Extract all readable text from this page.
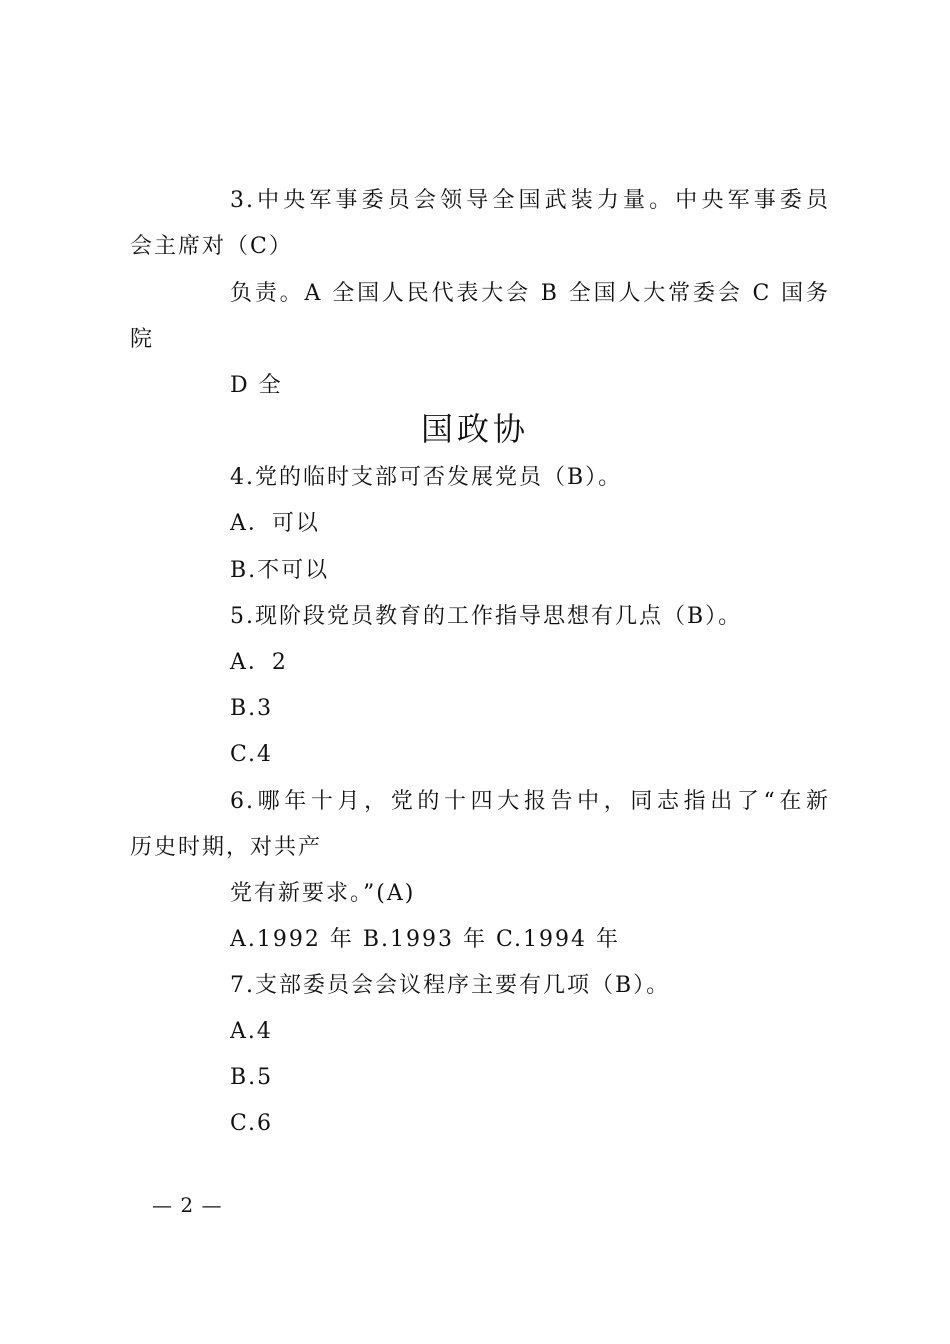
3.中央军事委员会领导全国武装力量。中央军事委员
会主席对（C）
负责。A 全国人民代表大会 B 全国人大常委会 C 国务
院
D 全
国政协
4.党的临时支部可否发展党员（B）。
A．可以
B.不可以
5.现阶段党员教育的工作指导思想有几点（B）。
A．2
B.3
C.4
6.哪年十月，党的十四大报告中，同志指出了“在新
历史时期，对共产
党有新要求。”(A)
A.1992 年 B.1993 年 C.1994 年
7.支部委员会会议程序主要有几项（B）。
A.4
B.5
C.6
— 2 —
